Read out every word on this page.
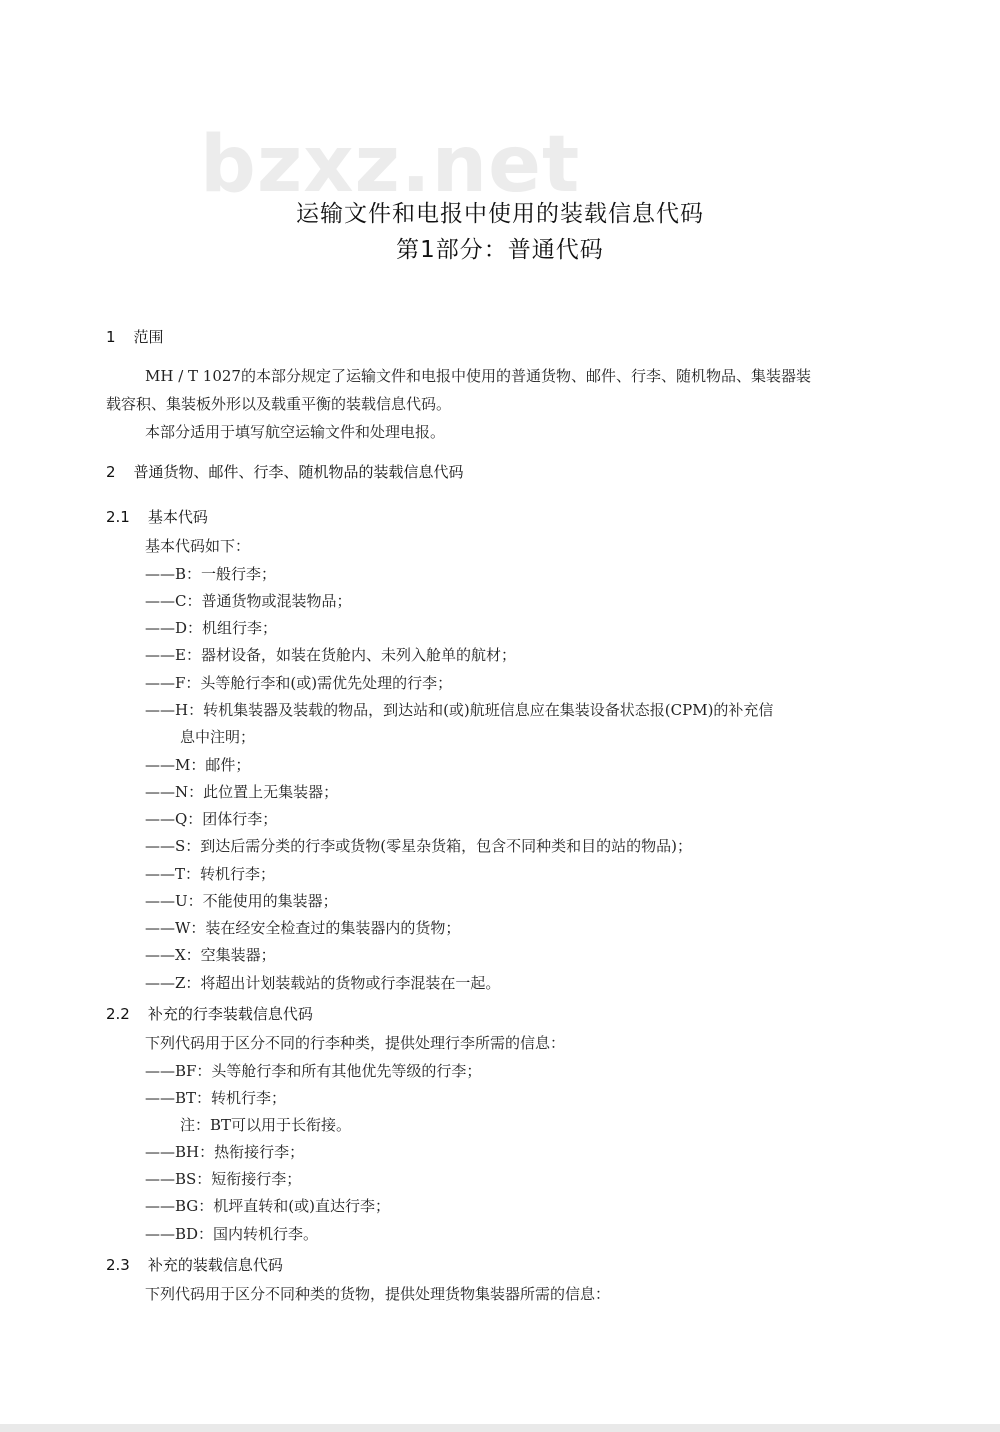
bzxz.net
运输文件和电报中使用的装载信息代码
第1部分：普通代码
1 范围
MH / T 1027的本部分规定了运输文件和电报中使用的普通货物、邮件、行李、随机物品、集装器装
载容积、集装板外形以及载重平衡的装载信息代码。
本部分适用于填写航空运输文件和处理电报。
2 普通货物、邮件、行李、随机物品的装载信息代码
2.1 基本代码
基本代码如下：
——B：一般行李；
——C：普通货物或混装物品；
——D：机组行李；
——E：器材设备，如装在货舱内、未列入舱单的航材；
——F：头等舱行李和(或)需优先处理的行李；
——H：转机集装器及装载的物品，到达站和(或)航班信息应在集装设备状态报(CPM)的补充信
息中注明；
——M：邮件；
——N：此位置上无集装器；
——Q：团体行李；
——S：到达后需分类的行李或货物(零星杂货箱，包含不同种类和目的站的物品)；
——T：转机行李；
——U：不能使用的集装器；
——W：装在经安全检查过的集装器内的货物；
——X：空集装器；
——Z：将超出计划装载站的货物或行李混装在一起。
2.2 补充的行李装载信息代码
下列代码用于区分不同的行李种类，提供处理行李所需的信息：
——BF：头等舱行李和所有其他优先等级的行李；
——BT：转机行李；
注：BT可以用于长衔接。
——BH：热衔接行李；
——BS：短衔接行李；
——BG：机坪直转和(或)直达行李；
——BD：国内转机行李。
2.3 补充的装载信息代码
下列代码用于区分不同种类的货物，提供处理货物集装器所需的信息：
